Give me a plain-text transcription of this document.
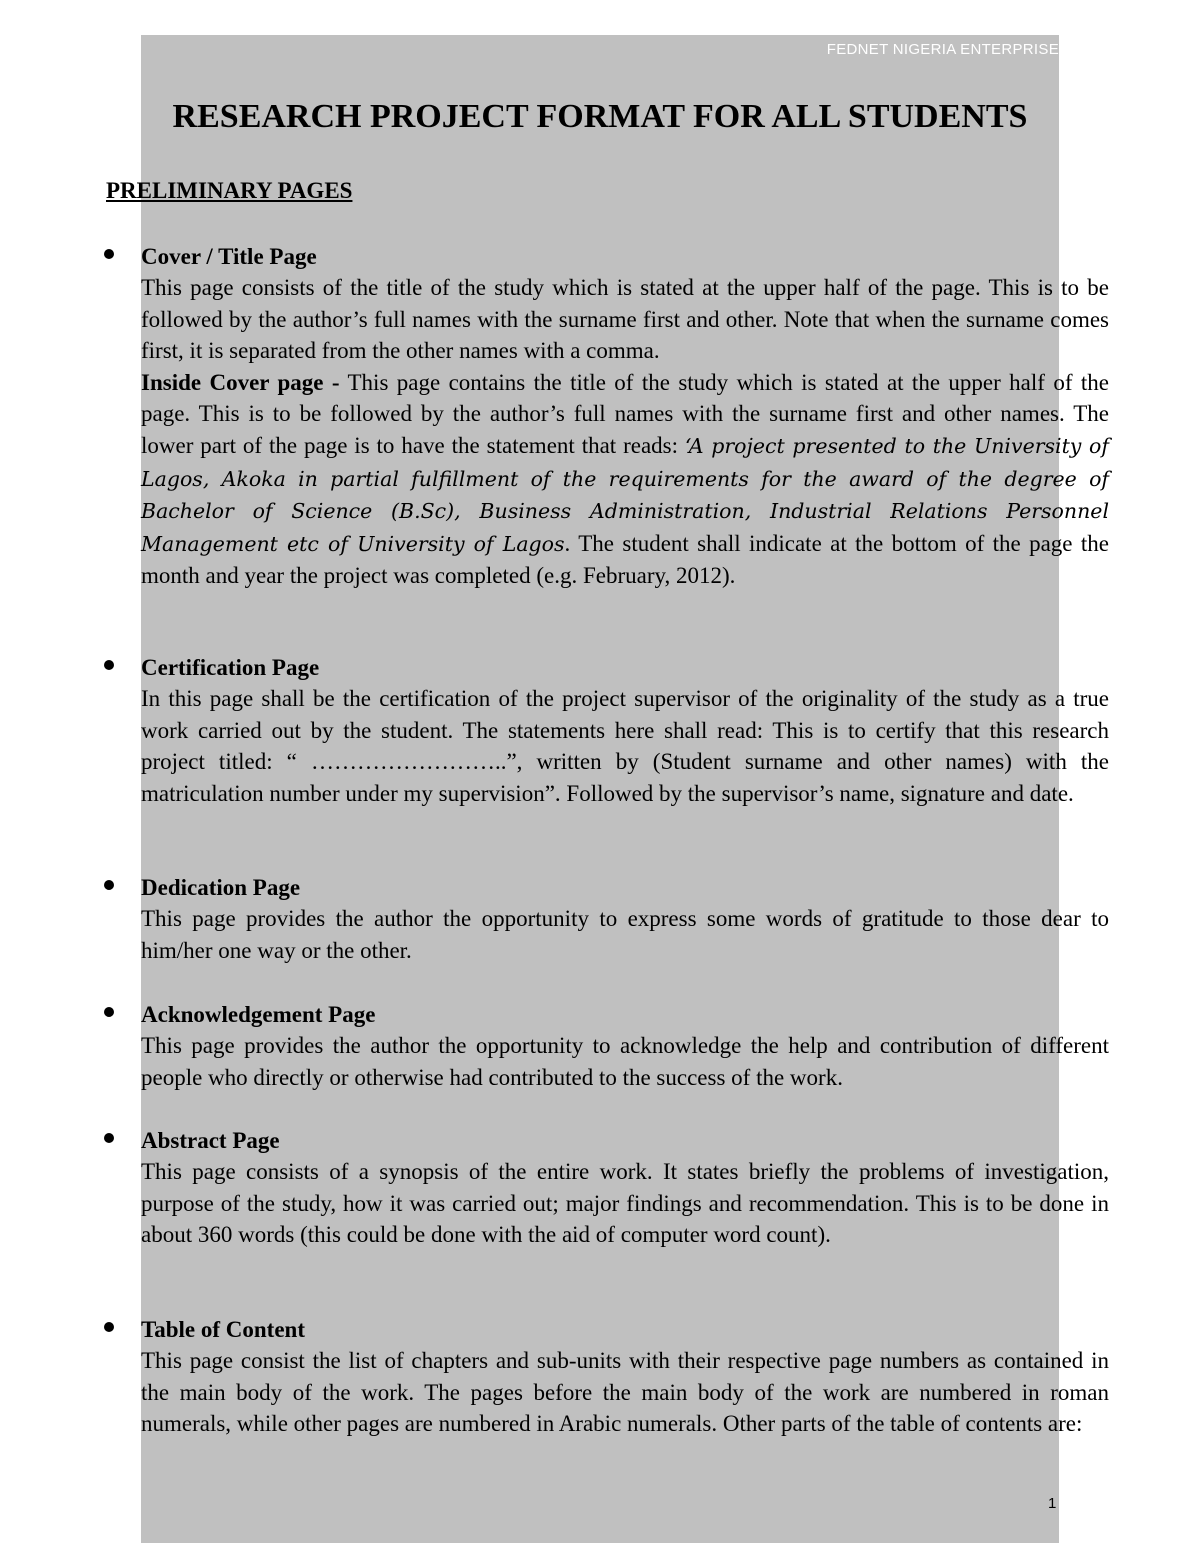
FEDNET NIGERIA ENTERPRISE
RESEARCH PROJECT FORMAT FOR ALL STUDENTS
PRELIMINARY PAGES
Cover / Title Page

This page consists of the title of the study which is stated at the upper half of the page. This is to be followed by the author’s full names with the surname first and other. Note that when the surname comes first, it is separated from the other names with a comma.

Inside Cover page - This page contains the title of the study which is stated at the upper half of the page. This is to be followed by the author’s full names with the surname first and other names. The lower part of the page is to have the statement that reads: ‘A project presented to the University of Lagos, Akoka in partial fulfillment of the requirements for the award of the degree of Bachelor of Science (B.Sc), Business Administration, Industrial Relations Personnel Management etc of University of Lagos. The student shall indicate at the bottom of the page the month and year the project was completed (e.g. February, 2012).

Certification Page
In this page shall be the certification of the project supervisor of the originality of the study as a true work carried out by the student. The statements here shall read: This is to certify that this research project titled: “ ……………………..”, written by (Student surname and other names) with the matriculation number under my supervision”. Followed by the supervisor’s name, signature and date.
Dedication Page
This page provides the author the opportunity to express some words of gratitude to those dear to him/her one way or the other.
Acknowledgement Page
This page provides the author the opportunity to acknowledge the help and contribution of different people who directly or otherwise had contributed to the success of the work.
Abstract Page
This page consists of a synopsis of the entire work. It states briefly the problems of investigation, purpose of the study, how it was carried out; major findings and recommendation. This is to be done in about 360 words (this could be done with the aid of computer word count).
Table of Content
This page consist the list of chapters and sub-units with their respective page numbers as contained in the main body of the work. The pages before the main body of the work are numbered in roman numerals, while other pages are numbered in Arabic numerals. Other parts of the table of contents are:
1
